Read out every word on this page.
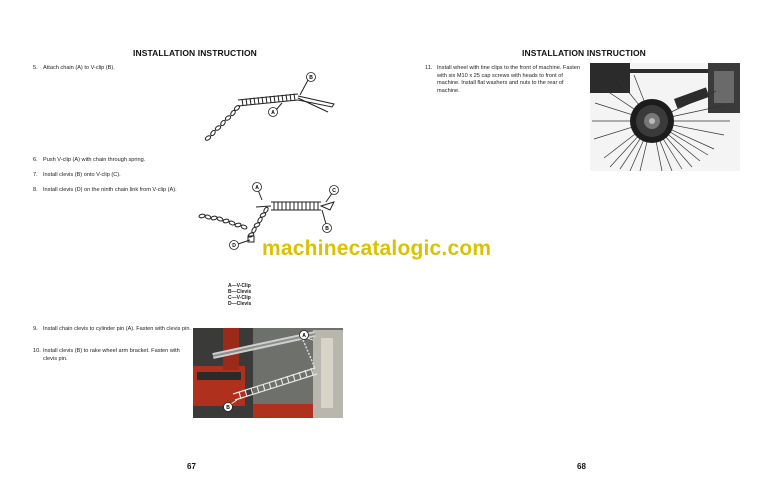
INSTALLATION INSTRUCTION
5. Attach chain (A) to V-clip (B).
B
A
6. Push V-clip (A) with chain through spring.
7. Install clevis (B) onto V-clip (C).
8. Install clevis (D) on the ninth chain link from V-clip (A).	A	C
B
D
A—V-Clip
B—Clevis
C—V-Clip
D—Clevis
9. Install chain clevis to cylinder pin (A). Fasten with clevis pin.
10. Install clevis (B) to rake wheel arm bracket. Fasten with clevis pin.
A
B
67
INSTALLATION INSTRUCTION
11. Install wheel with tine clips to the front of machine. Fasten with six M10 x 25 cap screws with heads to front of machine. Install flat washers and nuts to the rear of machine.
68
machinecatalogic.com
